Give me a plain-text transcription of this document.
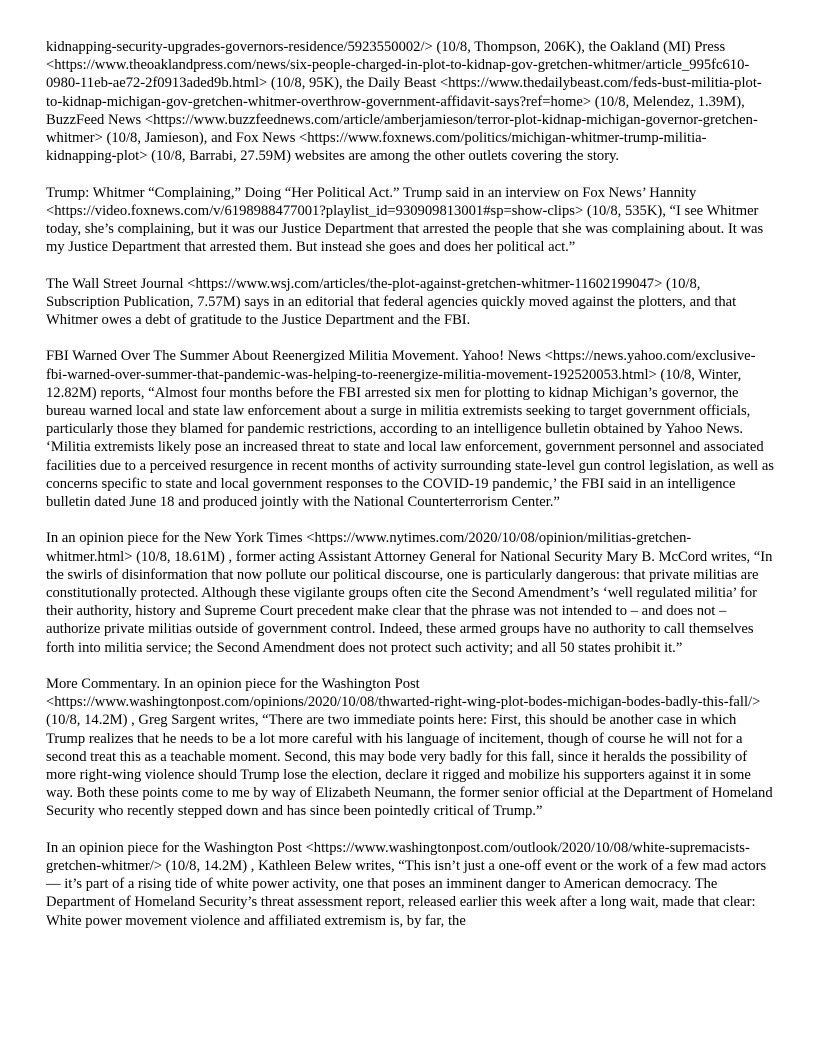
kidnapping-security-upgrades-governors-residence/5923550002/> (10/8, Thompson, 206K), the Oakland (MI) Press <https://www.theoaklandpress.com/news/six-people-charged-in-plot-to-kidnap-gov-gretchen-whitmer/article_995fc610-0980-11eb-ae72-2f0913aded9b.html> (10/8, 95K), the Daily Beast <https://www.thedailybeast.com/feds-bust-militia-plot-to-kidnap-michigan-gov-gretchen-whitmer-overthrow-government-affidavit-says?ref=home> (10/8, Melendez, 1.39M), BuzzFeed News <https://www.buzzfeednews.com/article/amberjamieson/terror-plot-kidnap-michigan-governor-gretchen-whitmer> (10/8, Jamieson), and Fox News <https://www.foxnews.com/politics/michigan-whitmer-trump-militia-kidnapping-plot> (10/8, Barrabi, 27.59M) websites are among the other outlets covering the story.

Trump: Whitmer “Complaining,” Doing “Her Political Act.” Trump said in an interview on Fox News’ Hannity <https://video.foxnews.com/v/6198988477001?playlist_id=930909813001#sp=show-clips> (10/8, 535K), “I see Whitmer today, she’s complaining, but it was our Justice Department that arrested the people that she was complaining about. It was my Justice Department that arrested them. But instead she goes and does her political act.”

The Wall Street Journal <https://www.wsj.com/articles/the-plot-against-gretchen-whitmer-11602199047> (10/8, Subscription Publication, 7.57M) says in an editorial that federal agencies quickly moved against the plotters, and that Whitmer owes a debt of gratitude to the Justice Department and the FBI.

FBI Warned Over The Summer About Reenergized Militia Movement. Yahoo! News <https://news.yahoo.com/exclusive-fbi-warned-over-summer-that-pandemic-was-helping-to-reenergize-militia-movement-192520053.html> (10/8, Winter, 12.82M) reports, “Almost four months before the FBI arrested six men for plotting to kidnap Michigan’s governor, the bureau warned local and state law enforcement about a surge in militia extremists seeking to target government officials, particularly those they blamed for pandemic restrictions, according to an intelligence bulletin obtained by Yahoo News. ‘Militia extremists likely pose an increased threat to state and local law enforcement, government personnel and associated facilities due to a perceived resurgence in recent months of activity surrounding state-level gun control legislation, as well as concerns specific to state and local government responses to the COVID-19 pandemic,’ the FBI said in an intelligence bulletin dated June 18 and produced jointly with the National Counterterrorism Center.”

In an opinion piece for the New York Times <https://www.nytimes.com/2020/10/08/opinion/militias-gretchen-whitmer.html> (10/8, 18.61M) , former acting Assistant Attorney General for National Security Mary B. McCord writes, “In the swirls of disinformation that now pollute our political discourse, one is particularly dangerous: that private militias are constitutionally protected. Although these vigilante groups often cite the Second Amendment’s ‘well regulated militia’ for their authority, history and Supreme Court precedent make clear that the phrase was not intended to – and does not – authorize private militias outside of government control. Indeed, these armed groups have no authority to call themselves forth into militia service; the Second Amendment does not protect such activity; and all 50 states prohibit it.”

More Commentary. In an opinion piece for the Washington Post <https://www.washingtonpost.com/opinions/2020/10/08/thwarted-right-wing-plot-bodes-michigan-bodes-badly-this-fall/> (10/8, 14.2M) , Greg Sargent writes, “There are two immediate points here: First, this should be another case in which Trump realizes that he needs to be a lot more careful with his language of incitement, though of course he will not for a second treat this as a teachable moment. Second, this may bode very badly for this fall, since it heralds the possibility of more right-wing violence should Trump lose the election, declare it rigged and mobilize his supporters against it in some way. Both these points come to me by way of Elizabeth Neumann, the former senior official at the Department of Homeland Security who recently stepped down and has since been pointedly critical of Trump.”

In an opinion piece for the Washington Post <https://www.washingtonpost.com/outlook/2020/10/08/white-supremacists-gretchen-whitmer/> (10/8, 14.2M) , Kathleen Belew writes, “This isn’t just a one-off event or the work of a few mad actors — it’s part of a rising tide of white power activity, one that poses an imminent danger to American democracy. The Department of Homeland Security’s threat assessment report, released earlier this week after a long wait, made that clear: White power movement violence and affiliated extremism is, by far, the
